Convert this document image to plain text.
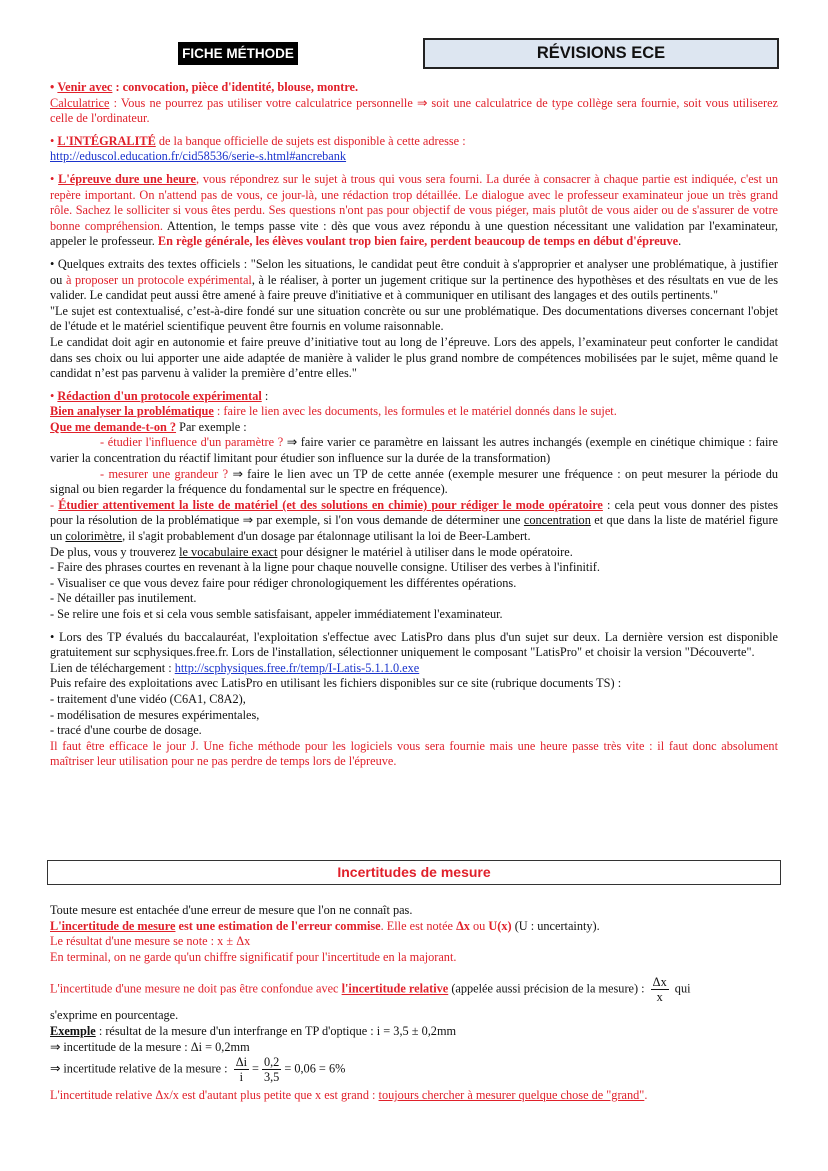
FICHE MÉTHODE	RÉVISIONS ECE

• Venir avec : convocation, pièce d'identité, blouse, montre.

Calculatrice : Vous ne pourrez pas utiliser votre calculatrice personnelle ⇒ soit une calculatrice de type collège sera fournie, soit vous utiliserez celle de l'ordinateur.

• L'INTÉGRALITÉ de la banque officielle de sujets est disponible à cette adresse :

http://eduscol.education.fr/cid58536/serie-s.html#ancrebank

• L'épreuve dure une heure, vous répondrez sur le sujet à trous qui vous sera fourni. La durée à consacrer à chaque partie est indiquée, c'est un repère important. On n'attend pas de vous, ce jour-là, une rédaction trop détaillée. Le dialogue avec le professeur examinateur joue un très grand rôle. Sachez le solliciter si vous êtes perdu. Ses questions n'ont pas pour objectif de vous piéger, mais plutôt de vous aider ou de s'assurer de votre bonne compréhension. Attention, le temps passe vite : dès que vous avez répondu à une question nécessitant une validation par l'examinateur, appeler le professeur. En règle générale, les élèves voulant trop bien faire, perdent beaucoup de temps en début d'épreuve.

• Quelques extraits des textes officiels : "Selon les situations, le candidat peut être conduit à s'approprier et analyser une problématique, à justifier ou à proposer un protocole expérimental, à le réaliser, à porter un jugement critique sur la pertinence des hypothèses et des résultats en vue de les valider. Le candidat peut aussi être amené à faire preuve d'initiative et à communiquer en utilisant des langages et des outils pertinents."

"Le sujet est contextualisé, c’est-à-dire fondé sur une situation concrète ou sur une problématique. Des documentations diverses concernant l'objet de l'étude et le matériel scientifique peuvent être fournis en volume raisonnable.

Le candidat doit agir en autonomie et faire preuve d’initiative tout au long de l’épreuve. Lors des appels, l’examinateur peut conforter le candidat dans ses choix ou lui apporter une aide adaptée de manière à valider le plus grand nombre de compétences mobilisées par le sujet, même quand le candidat n’est pas parvenu à valider la première d’entre elles."

• Rédaction d'un protocole expérimental :

Bien analyser la problématique : faire le lien avec les documents, les formules et le matériel donnés dans le sujet.

Que me demande-t-on ? Par exemple :

- étudier l'influence d'un paramètre ? ⇒ faire varier ce paramètre en laissant les autres inchangés (exemple en cinétique chimique : faire varier la concentration du réactif limitant pour étudier son influence sur la durée de la transformation)

- mesurer une grandeur ? ⇒ faire le lien avec un TP de cette année (exemple mesurer une fréquence : on peut mesurer la période du signal ou bien regarder la fréquence du fondamental sur le spectre en fréquence).

- Étudier attentivement la liste de matériel (et des solutions en chimie) pour rédiger le mode opératoire : cela peut vous donner des pistes pour la résolution de la problématique ⇒ par exemple, si l'on vous demande de déterminer une concentration et que dans la liste de matériel figure un colorimètre, il s'agit probablement d'un dosage par étalonnage utilisant la loi de Beer-Lambert.

De plus, vous y trouverez le vocabulaire exact pour désigner le matériel à utiliser dans le mode opératoire.

- Faire des phrases courtes en revenant à la ligne pour chaque nouvelle consigne. Utiliser des verbes à l'infinitif.

- Visualiser ce que vous devez faire pour rédiger chronologiquement les différentes opérations.

- Ne détailler pas inutilement.

- Se relire une fois et si cela vous semble satisfaisant, appeler immédiatement l'examinateur.

• Lors des TP évalués du baccalauréat, l'exploitation s'effectue avec LatisPro dans plus d'un sujet sur deux. La dernière version est disponible gratuitement sur scphysiques.free.fr. Lors de l'installation, sélectionner uniquement le composant "LatisPro" et choisir la version "Découverte".

Lien de téléchargement : http://scphysiques.free.fr/temp/I-Latis-5.1.1.0.exe

Puis refaire des exploitations avec LatisPro en utilisant les fichiers disponibles sur ce site (rubrique documents TS) :

- traitement d'une vidéo (C6A1, C8A2),

- modélisation de mesures expérimentales,

- tracé d'une courbe de dosage.

Il faut être efficace le jour J. Une fiche méthode pour les logiciels vous sera fournie mais une heure passe très vite : il faut donc absolument maîtriser leur utilisation pour ne pas perdre de temps lors de l'épreuve.

Incertitudes de mesure

Toute mesure est entachée d'une erreur de mesure que l'on ne connaît pas.

L'incertitude de mesure est une estimation de l'erreur commise. Elle est notée Δx ou U(x) (U : uncertainty).

Le résultat d'une mesure se note : x ± Δx

En terminal, on ne garde qu'un chiffre significatif pour l'incertitude en la majorant.

L'incertitude d'une mesure ne doit pas être confondue avec l'incertitude relative (appelée aussi précision de la mesure) : $\frac{\Delta x}{x}$ qui

s'exprime en pourcentage.

Exemple : résultat de la mesure d'un interfrange en TP d'optique : i = 3,5 ± 0,2mm

⇒ incertitude de la mesure : Δi = 0,2mm

⇒ incertitude relative de la mesure : $\frac{\Delta i}{i} = \frac{0,2}{3,5} = 0,06 = 6\%$

L'incertitude relative Δx/x est d'autant plus petite que x est grand : toujours chercher à mesurer quelque chose de "grand".
